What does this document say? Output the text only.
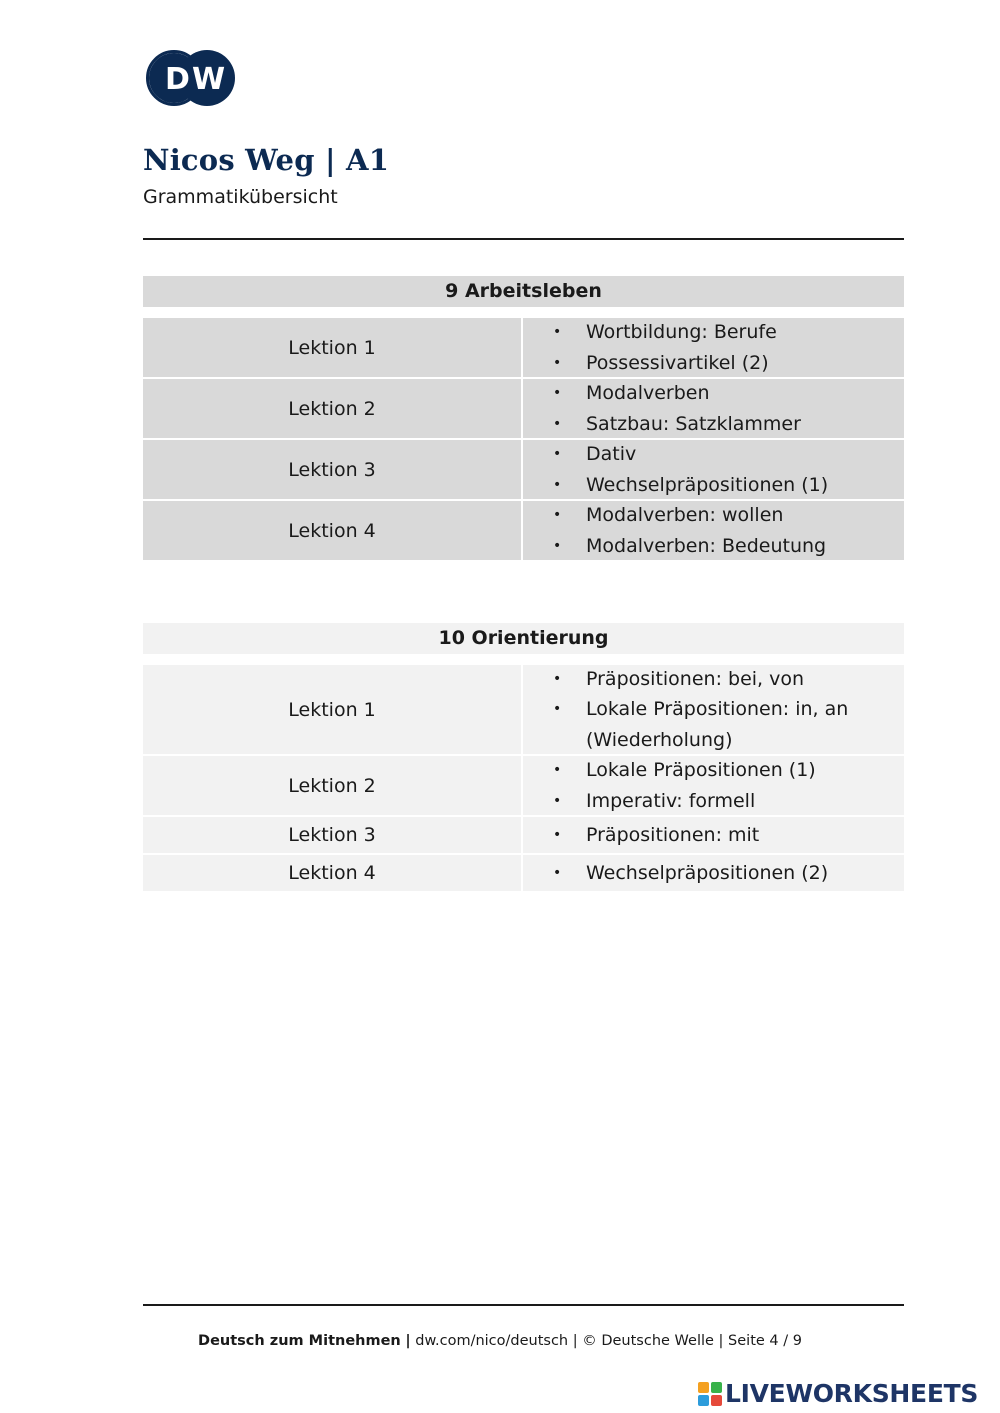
D W
Nicos Weg | A1
Grammatikübersicht
9 Arbeitsleben
Lektion 1
•	Wortbildung: Berufe
•	Possessivartikel (2)
Lektion 2
•	Modalverben
•	Satzbau: Satzklammer
Lektion 3
•	Dativ
•	Wechselpräpositionen (1)
Lektion 4
•	Modalverben: wollen
•	Modalverben: Bedeutung
10 Orientierung
Lektion 1
•	Präpositionen: bei, von
•	Lokale Präpositionen: in, an (Wiederholung)
Lektion 2
•	Lokale Präpositionen (1)
•	Imperativ: formell
Lektion 3	•	Präpositionen: mit
Lektion 4	•	Wechselpräpositionen (2)
Deutsch zum Mitnehmen | dw.com/nico/deutsch | © Deutsche Welle | Seite 4 / 9
LIVEWORKSHEETS
